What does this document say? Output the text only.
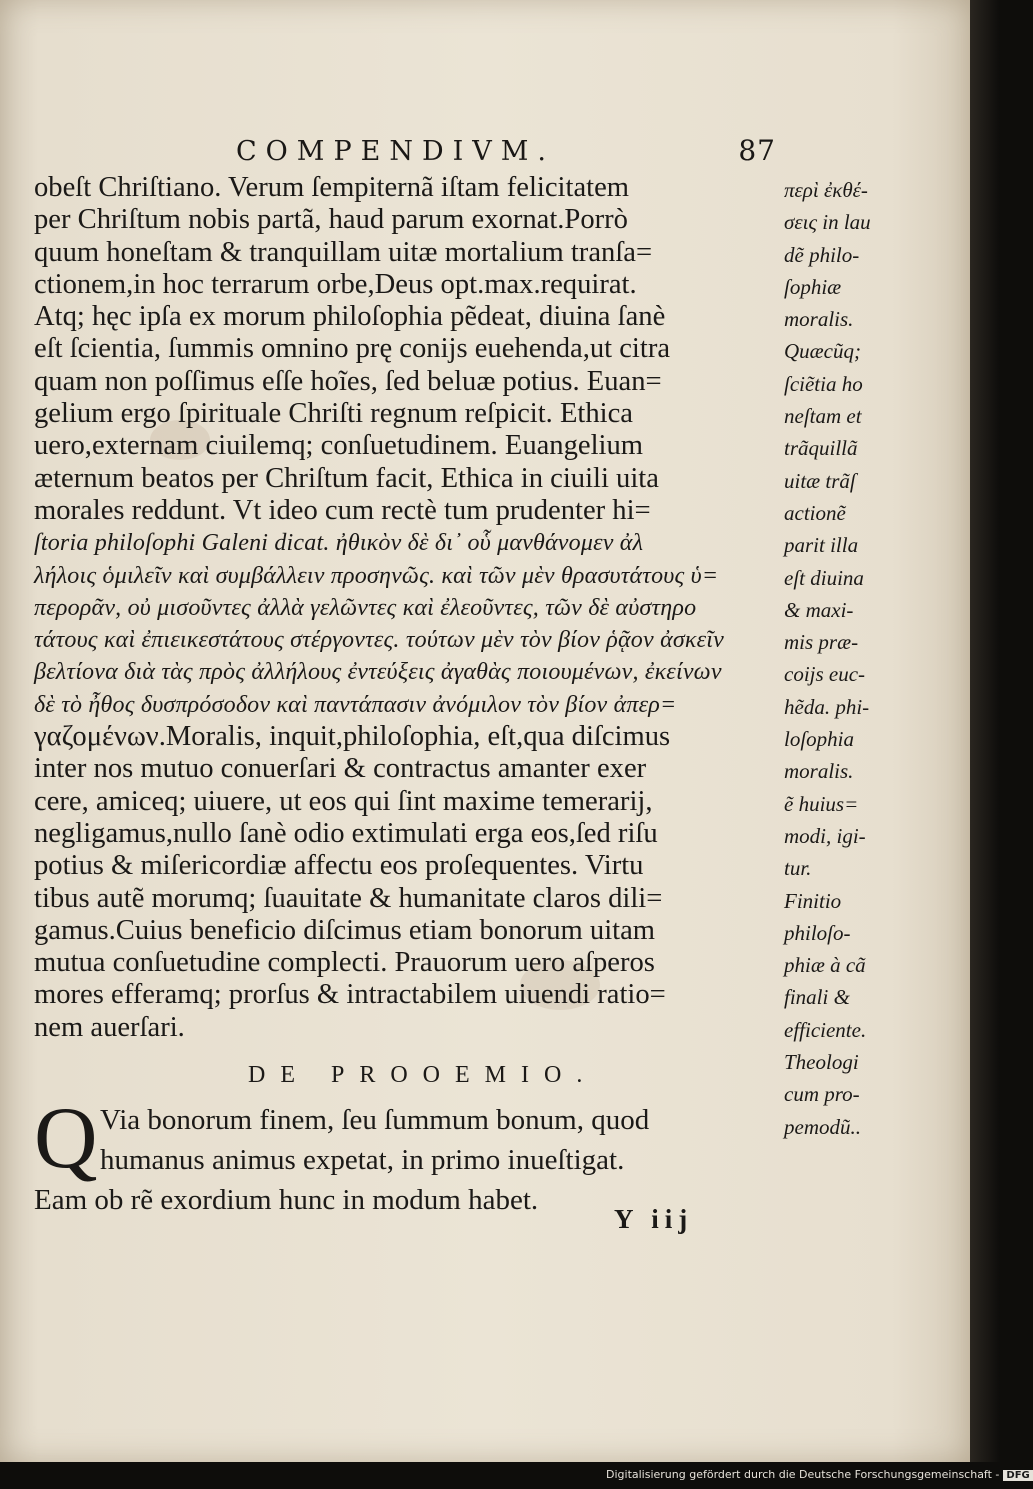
COMPENDIVM.	87
obeſt Chriſtiano. Verum ſempiternã iſtam felicitatem
per Chriſtum nobis partã, haud parum exornat.Porrò
quum honeſtam & tranquillam uitæ mortalium tranſa=
ctionem,in hoc terrarum orbe,Deus opt.max.requirat.
Atq; hęc ipſa ex morum philoſophia pẽdeat, diuina ſanè
eſt ſcientia, ſummis omnino prę conijs euehenda,ut citra
quam non poſſimus eſſe hoĩes, ſed beluæ potius. Euan=
gelium ergo ſpirituale Chriſti regnum reſpicit. Ethica
uero,externam ciuilemq; conſuetudinem. Euangelium
æternum beatos per Chriſtum facit, Ethica in ciuili uita
morales reddunt. Vt ideo cum rectè tum prudenter hi=
ſtoria philoſophi Galeni dicat. ἠθικὸν δὲ δι᾽ οὗ μανθάνομεν ἀλ
λήλοις ὁμιλεῖν καὶ συμβάλλειν προσηνῶς. καὶ τῶν μὲν θρασυτάτους ὑ=
περορᾶν, οὐ μισοῦντες ἀλλὰ γελῶντες καὶ ἐλεοῦντες, τῶν δὲ αὐστηρο
τάτους καὶ ἐπιεικεστάτους στέργοντες. τούτων μὲν τὸν βίον ῥᾷον ἀσκεῖν
βελτίονα διὰ τὰς πρὸς ἀλλήλους ἐντεύξεις ἀγαθὰς ποιουμένων, ἐκείνων
δὲ τὸ ἦθος δυσπρόσοδον καὶ παντάπασιν ἀνόμιλον τὸν βίον ἀπερ=
γαζομένων.Moralis, inquit,philoſophia, eſt,qua diſcimus
inter nos mutuo conuerſari & contractus amanter exer
cere, amiceq; uiuere, ut eos qui ſint maxime temerarij,
negligamus,nullo ſanè odio extimulati erga eos,ſed riſu
potius & miſericordiæ affectu eos proſequentes. Virtu
tibus autẽ morumq; ſuauitate & humanitate claros dili=
gamus.Cuius beneficio diſcimus etiam bonorum uitam
mutua conſuetudine complecti. Prauorum uero aſperos
mores efferamq; prorſus & intractabilem uiuendi ratio=
nem auerſari.
περὶ ἐκθέ-
σεις in lau
dẽ philo-
ſophiæ
moralis.
Quæcũq;
ſciẽtia ho
neſtam et
trãquillã
uitæ trãſ
actionẽ
parit illa
eſt diuina
& maxi-
mis præ-
coijs euc-
hẽda. phi-
loſophia
moralis.
ẽ huius=
modi, igi-
tur.
Finitio
philoſo-
phiæ à cã
finali &
efficiente.
Theologi
cum pro-
pemodũ..
DE PROOEMIO.
Q Via bonorum finem, ſeu ſummum bonum, quod
humanus animus expetat, in primo inueſtigat.
Eam ob rẽ exordium hunc in modum habet.
Y iij
Digitalisierung gefördert durch die Deutsche Forschungsgemeinschaft - DFG
